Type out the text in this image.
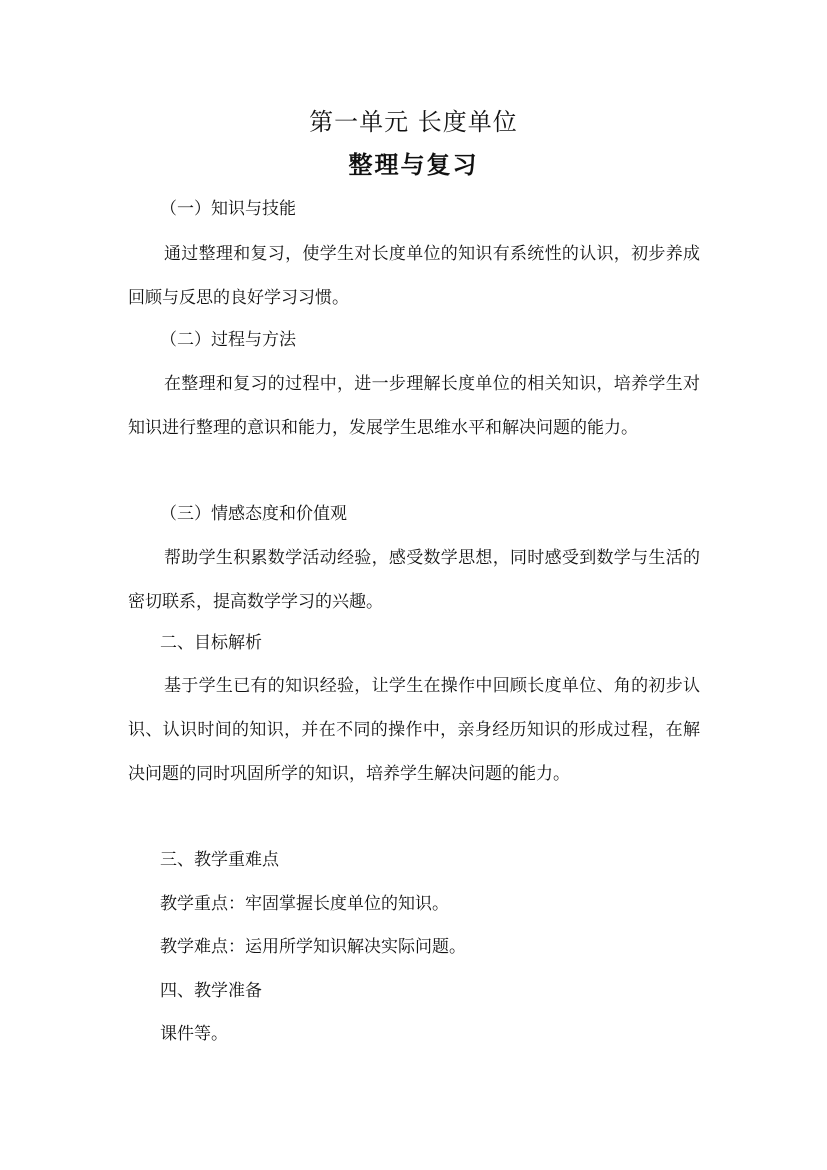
第一单元 长度单位
整理与复习
（一）知识与技能
通过整理和复习，使学生对长度单位的知识有系统性的认识，初步养成回顾与反思的良好学习习惯。
（二）过程与方法
在整理和复习的过程中，进一步理解长度单位的相关知识，培养学生对知识进行整理的意识和能力，发展学生思维水平和解决问题的能力。
（三）情感态度和价值观
帮助学生积累数学活动经验，感受数学思想，同时感受到数学与生活的密切联系，提高数学学习的兴趣。
二、目标解析
基于学生已有的知识经验，让学生在操作中回顾长度单位、角的初步认识、认识时间的知识，并在不同的操作中，亲身经历知识的形成过程，在解决问题的同时巩固所学的知识，培养学生解决问题的能力。
三、教学重难点
教学重点：牢固掌握长度单位的知识。
教学难点：运用所学知识解决实际问题。
四、教学准备
课件等。
